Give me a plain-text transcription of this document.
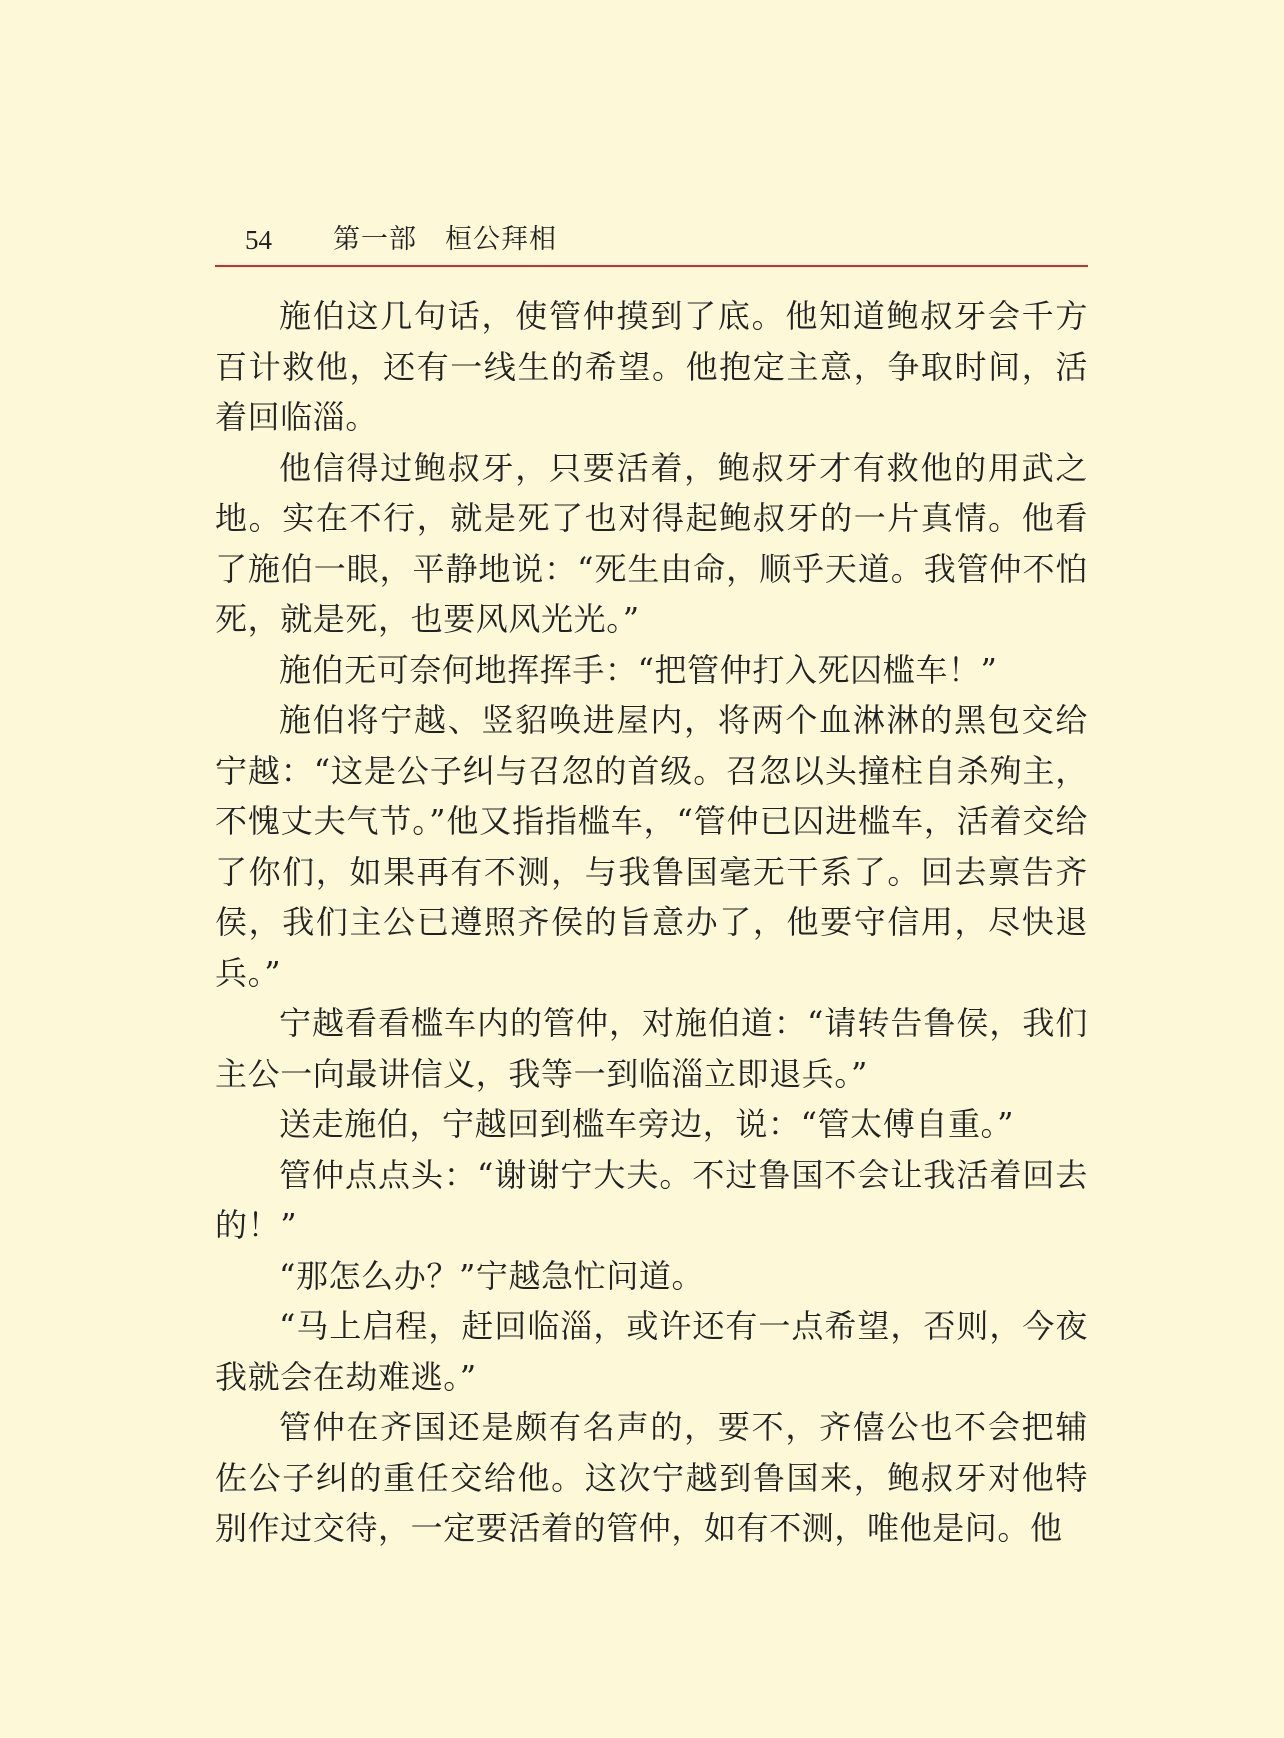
54 第一部　桓公拜相

施伯这几句话，使管仲摸到了底。他知道鲍叔牙会千方百计救他，还有一线生的希望。他抱定主意，争取时间，活着回临淄。

他信得过鲍叔牙，只要活着，鲍叔牙才有救他的用武之地。实在不行，就是死了也对得起鲍叔牙的一片真情。他看了施伯一眼，平静地说：“死生由命，顺乎天道。我管仲不怕死，就是死，也要风风光光。”

施伯无可奈何地挥挥手：“把管仲打入死囚槛车！”

施伯将宁越、竖貂唤进屋内，将两个血淋淋的黑包交给宁越：“这是公子纠与召忽的首级。召忽以头撞柱自杀殉主，不愧丈夫气节。”他又指指槛车，“管仲已囚进槛车，活着交给了你们，如果再有不测，与我鲁国毫无干系了。回去禀告齐侯，我们主公已遵照齐侯的旨意办了，他要守信用，尽快退兵。”

宁越看看槛车内的管仲，对施伯道：“请转告鲁侯，我们主公一向最讲信义，我等一到临淄立即退兵。”

送走施伯，宁越回到槛车旁边，说：“管太傅自重。”

管仲点点头：“谢谢宁大夫。不过鲁国不会让我活着回去的！”

“那怎么办？”宁越急忙问道。

“马上启程，赶回临淄，或许还有一点希望，否则，今夜我就会在劫难逃。”

管仲在齐国还是颇有名声的，要不，齐僖公也不会把辅佐公子纠的重任交给他。这次宁越到鲁国来，鲍叔牙对他特别作过交待，一定要活着的管仲，如有不测，唯他是问。他
